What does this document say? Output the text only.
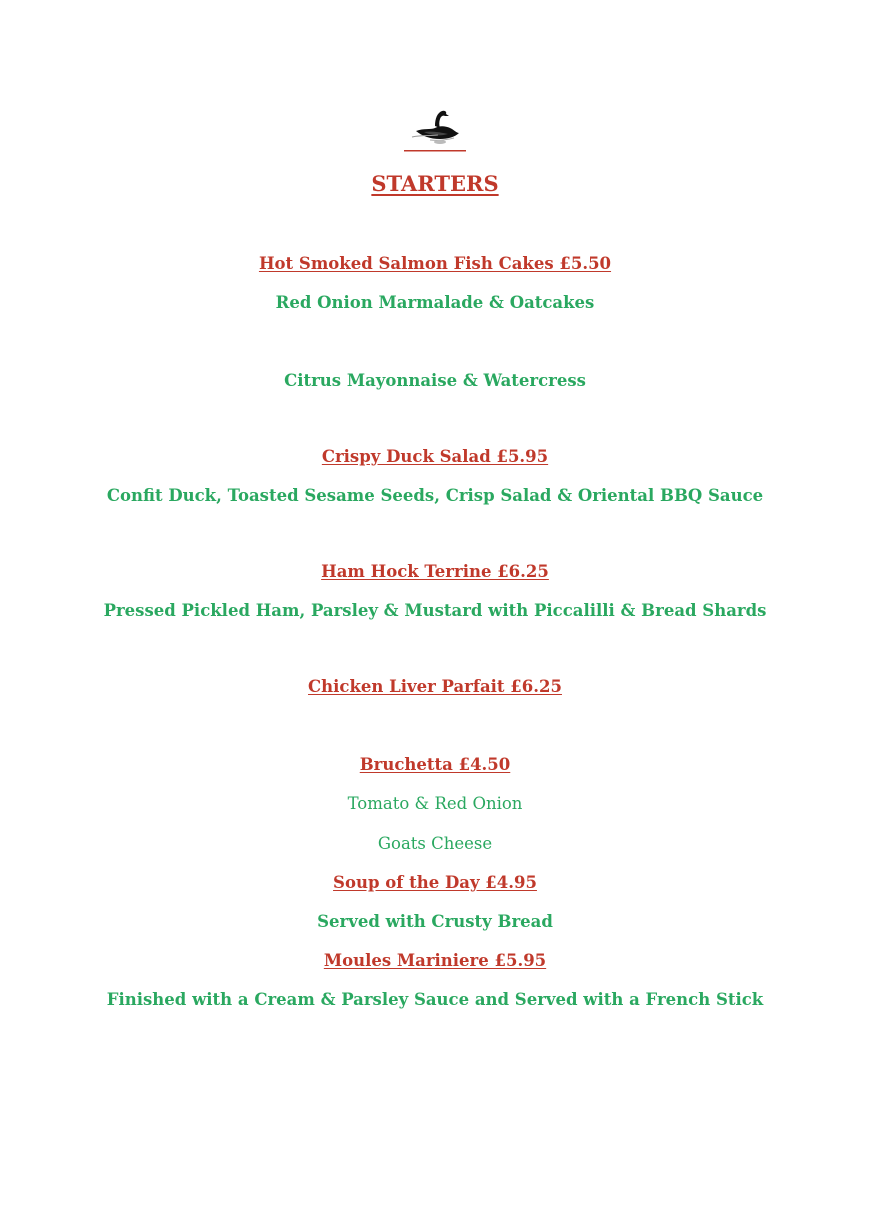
STARTERS
Hot Smoked Salmon Fish Cakes £5.50
Red Onion Marmalade & Oatcakes
Citrus Mayonnaise & Watercress
Crispy Duck Salad £5.95
Confit Duck, Toasted Sesame Seeds, Crisp Salad & Oriental BBQ Sauce
Ham Hock Terrine £6.25
Pressed Pickled Ham, Parsley & Mustard with Piccalilli & Bread Shards
Chicken Liver Parfait £6.25
Bruchetta £4.50
Tomato & Red Onion
Goats Cheese
Soup of the Day £4.95
Served with Crusty Bread
Moules Mariniere £5.95
Finished with a Cream & Parsley Sauce and Served with a French Stick
